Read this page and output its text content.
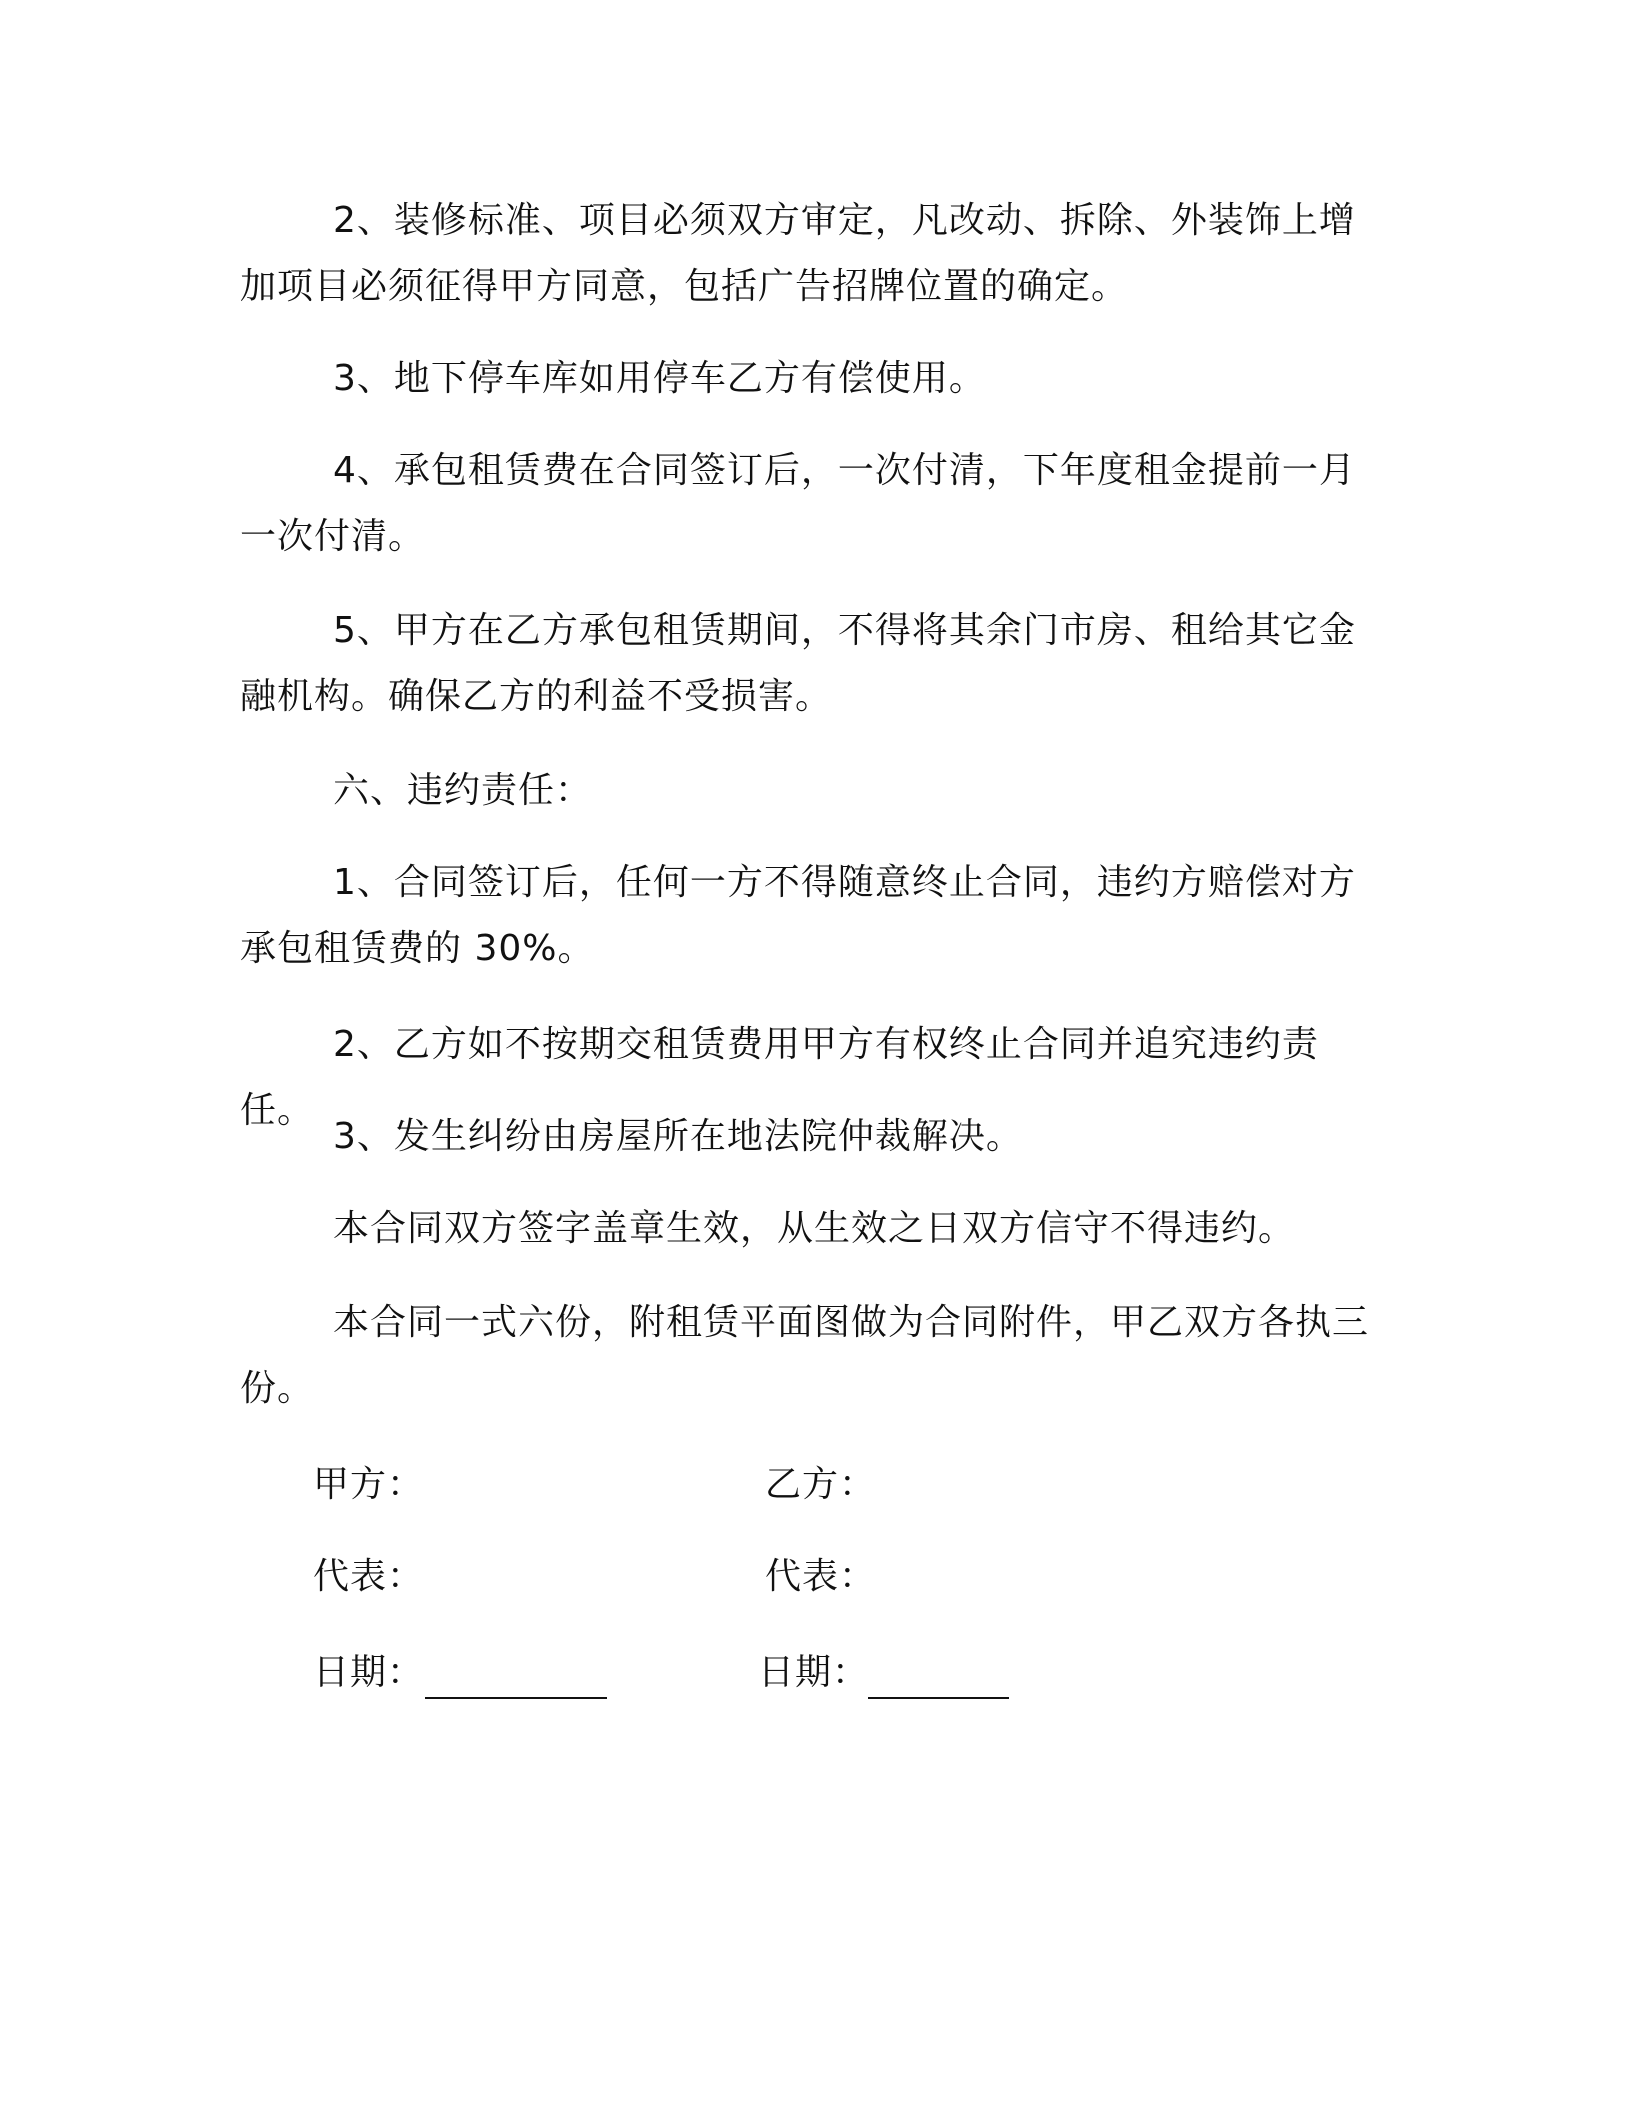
2、装修标准、项目必须双方审定，凡改动、拆除、外装饰上增加项目必须征得甲方同意，包括广告招牌位置的确定。

3、地下停车库如用停车乙方有偿使用。

4、承包租赁费在合同签订后，一次付清，下年度租金提前一月一次付清。

5、甲方在乙方承包租赁期间，不得将其余门市房、租给其它金融机构。确保乙方的利益不受损害。

六、违约责任：

1、合同签订后，任何一方不得随意终止合同，违约方赔偿对方承包租赁费的 30%。

2、乙方如不按期交租赁费用甲方有权终止合同并追究违约责任。

3、发生纠纷由房屋所在地法院仲裁解决。

本合同双方签字盖章生效，从生效之日双方信守不得违约。

本合同一式六份，附租赁平面图做为合同附件，甲乙双方各执三份。

甲方：	乙方：

代表：	代表：

日期：	日期：
